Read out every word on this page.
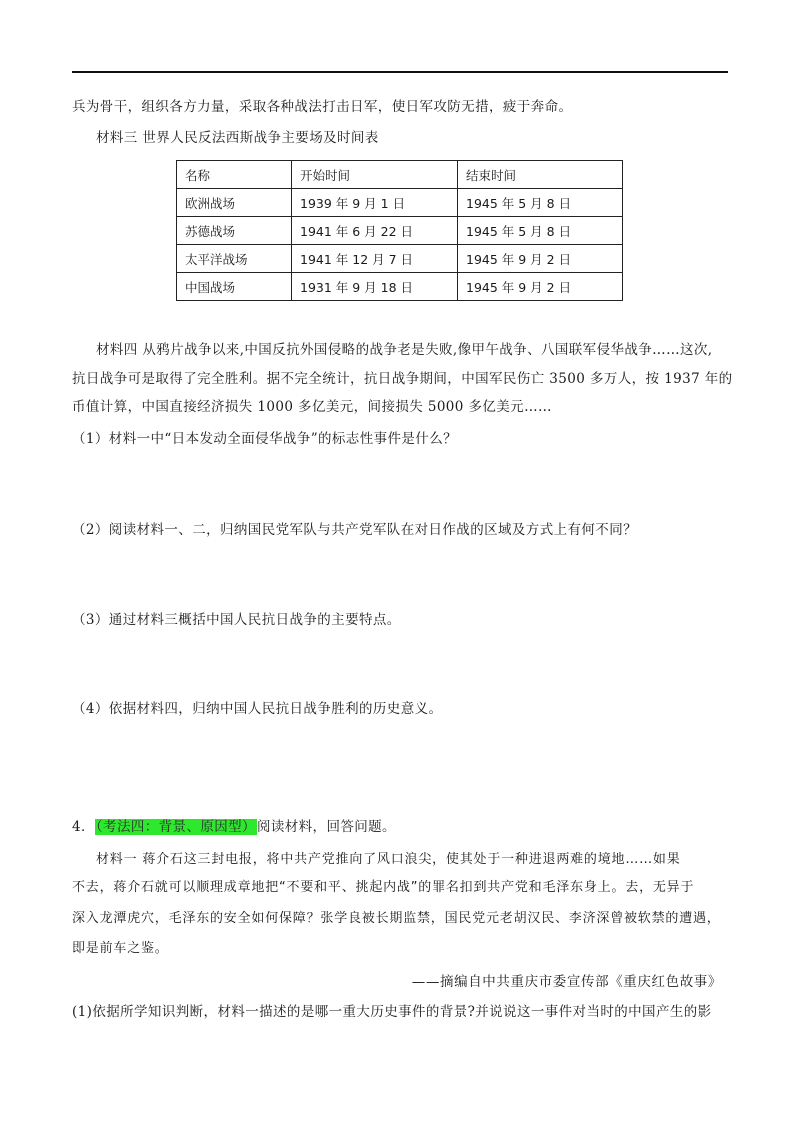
兵为骨干，组织各方力量，采取各种战法打击日军，使日军攻防无措，疲于奔命。
材料三 世界人民反法西斯战争主要场及时间表
名称	开始时间	结束时间
欧洲战场	1939 年 9 月 1 日	1945 年 5 月 8 日
苏德战场	1941 年 6 月 22 日	1945 年 5 月 8 日
太平洋战场	1941 年 12 月 7 日	1945 年 9 月 2 日
中国战场	1931 年 9 月 18 日	1945 年 9 月 2 日
材料四 从鸦片战争以来,中国反抗外国侵略的战争老是失败,像甲午战争、八国联军侵华战争……这次,
抗日战争可是取得了完全胜利。据不完全统计，抗日战争期间，中国军民伤亡 3500 多万人，按 1937 年的
币值计算，中国直接经济损失 1000 多亿美元，间接损失 5000 多亿美元……
（1）材料一中“日本发动全面侵华战争”的标志性事件是什么？
（2）阅读材料一、二，归纳国民党军队与共产党军队在对日作战的区域及方式上有何不同？
（3）通过材料三概括中国人民抗日战争的主要特点。
（4）依据材料四，归纳中国人民抗日战争胜利的历史意义。
4．（考法四：背景、原因型）阅读材料，回答问题。
材料一 蒋介石这三封电报，将中共产党推向了风口浪尖，使其处于一种进退两难的境地……如果
不去，蒋介石就可以顺理成章地把“不要和平、挑起内战”的罪名扣到共产党和毛泽东身上。去，无异于
深入龙潭虎穴，毛泽东的安全如何保障？张学良被长期监禁，国民党元老胡汉民、李济深曾被软禁的遭遇，
即是前车之鉴。
——摘编自中共重庆市委宣传部《重庆红色故事》
(1)依据所学知识判断，材料一描述的是哪一重大历史事件的背景?并说说这一事件对当时的中国产生的影
